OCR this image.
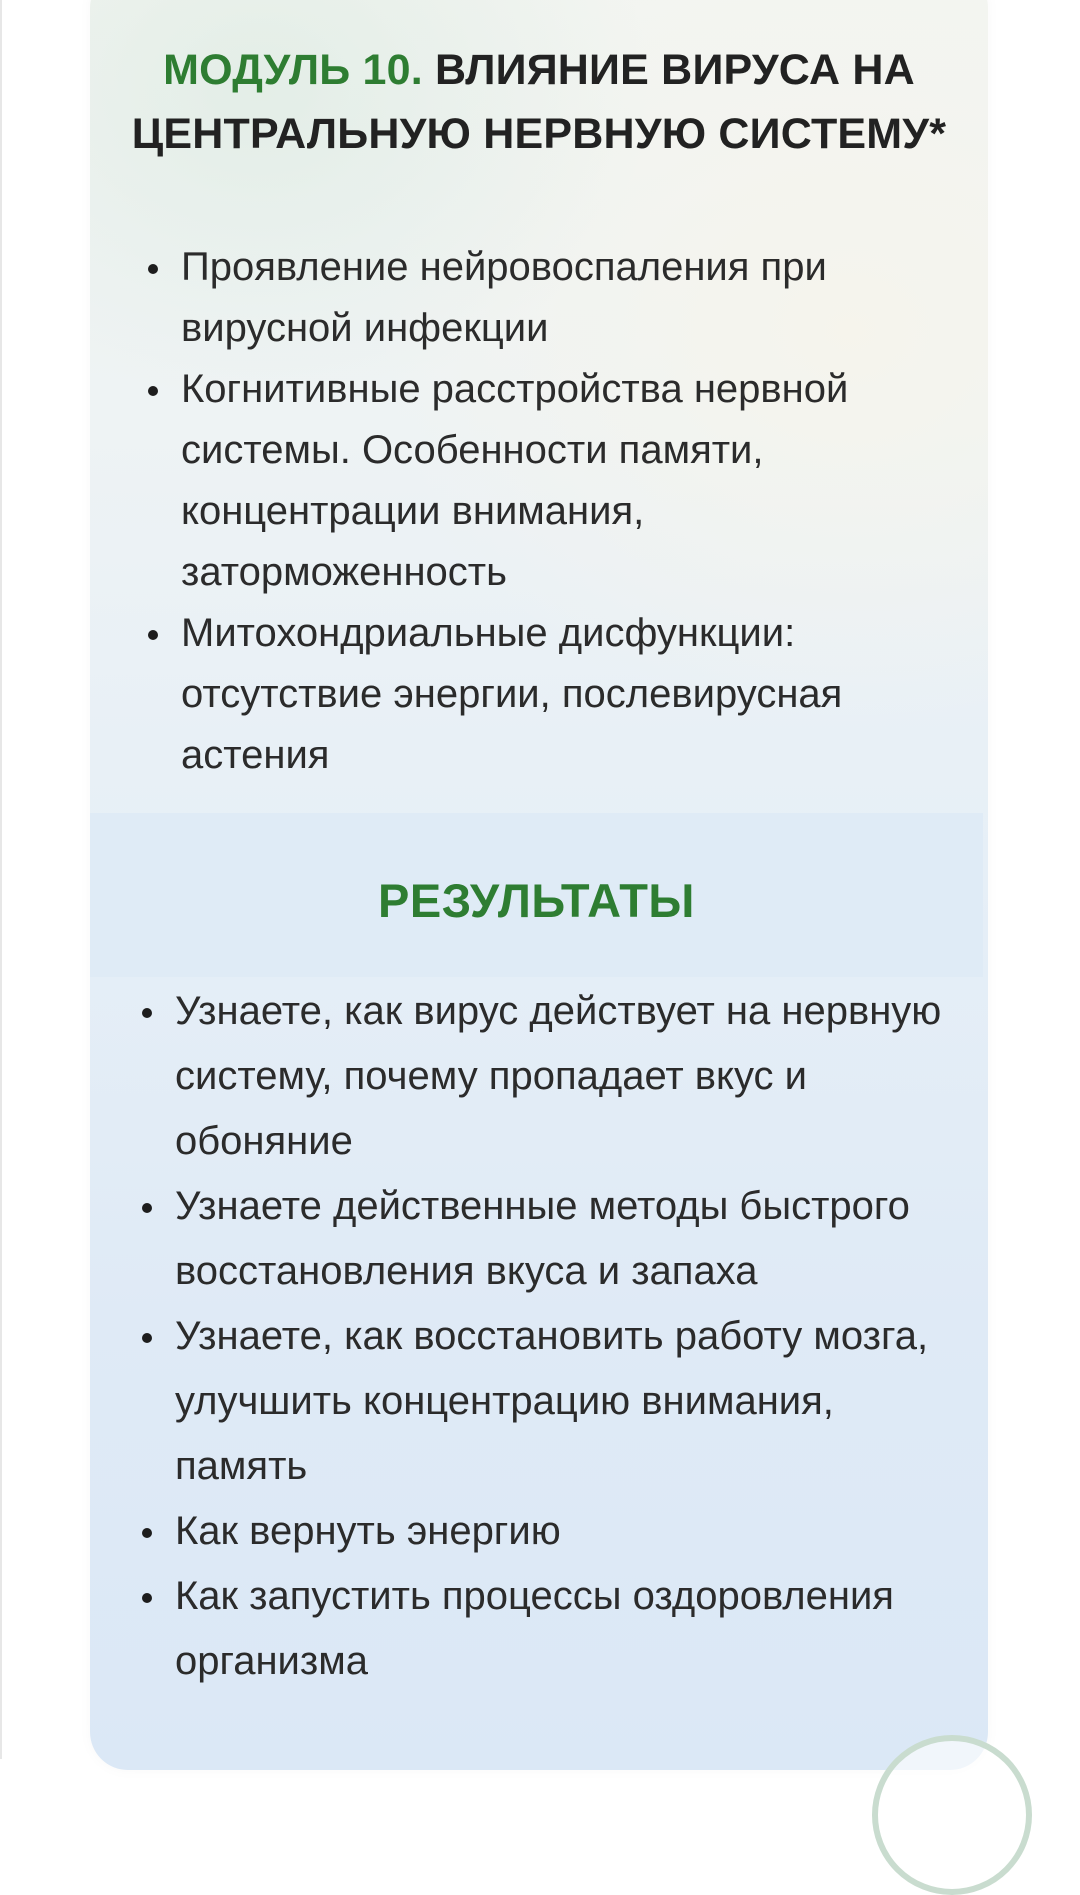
МОДУЛЬ 10. ВЛИЯНИЕ ВИРУСА НА ЦЕНТРАЛЬНУЮ НЕРВНУЮ СИСТЕМУ*
Проявление нейровоспаления при вирусной инфекции
Когнитивные расстройства нервной системы. Особенности памяти, концентрации внимания, заторможенность
Митохондриальные дисфункции: отсутствие энергии, послевирусная астения
РЕЗУЛЬТАТЫ
Узнаете, как вирус действует на нервную систему, почему пропадает вкус и обоняние
Узнаете действенные методы быстрого восстановления вкуса и запаха
Узнаете, как восстановить работу мозга, улучшить концентрацию внимания, память
Как вернуть энергию
Как запустить процессы оздоровления организма
